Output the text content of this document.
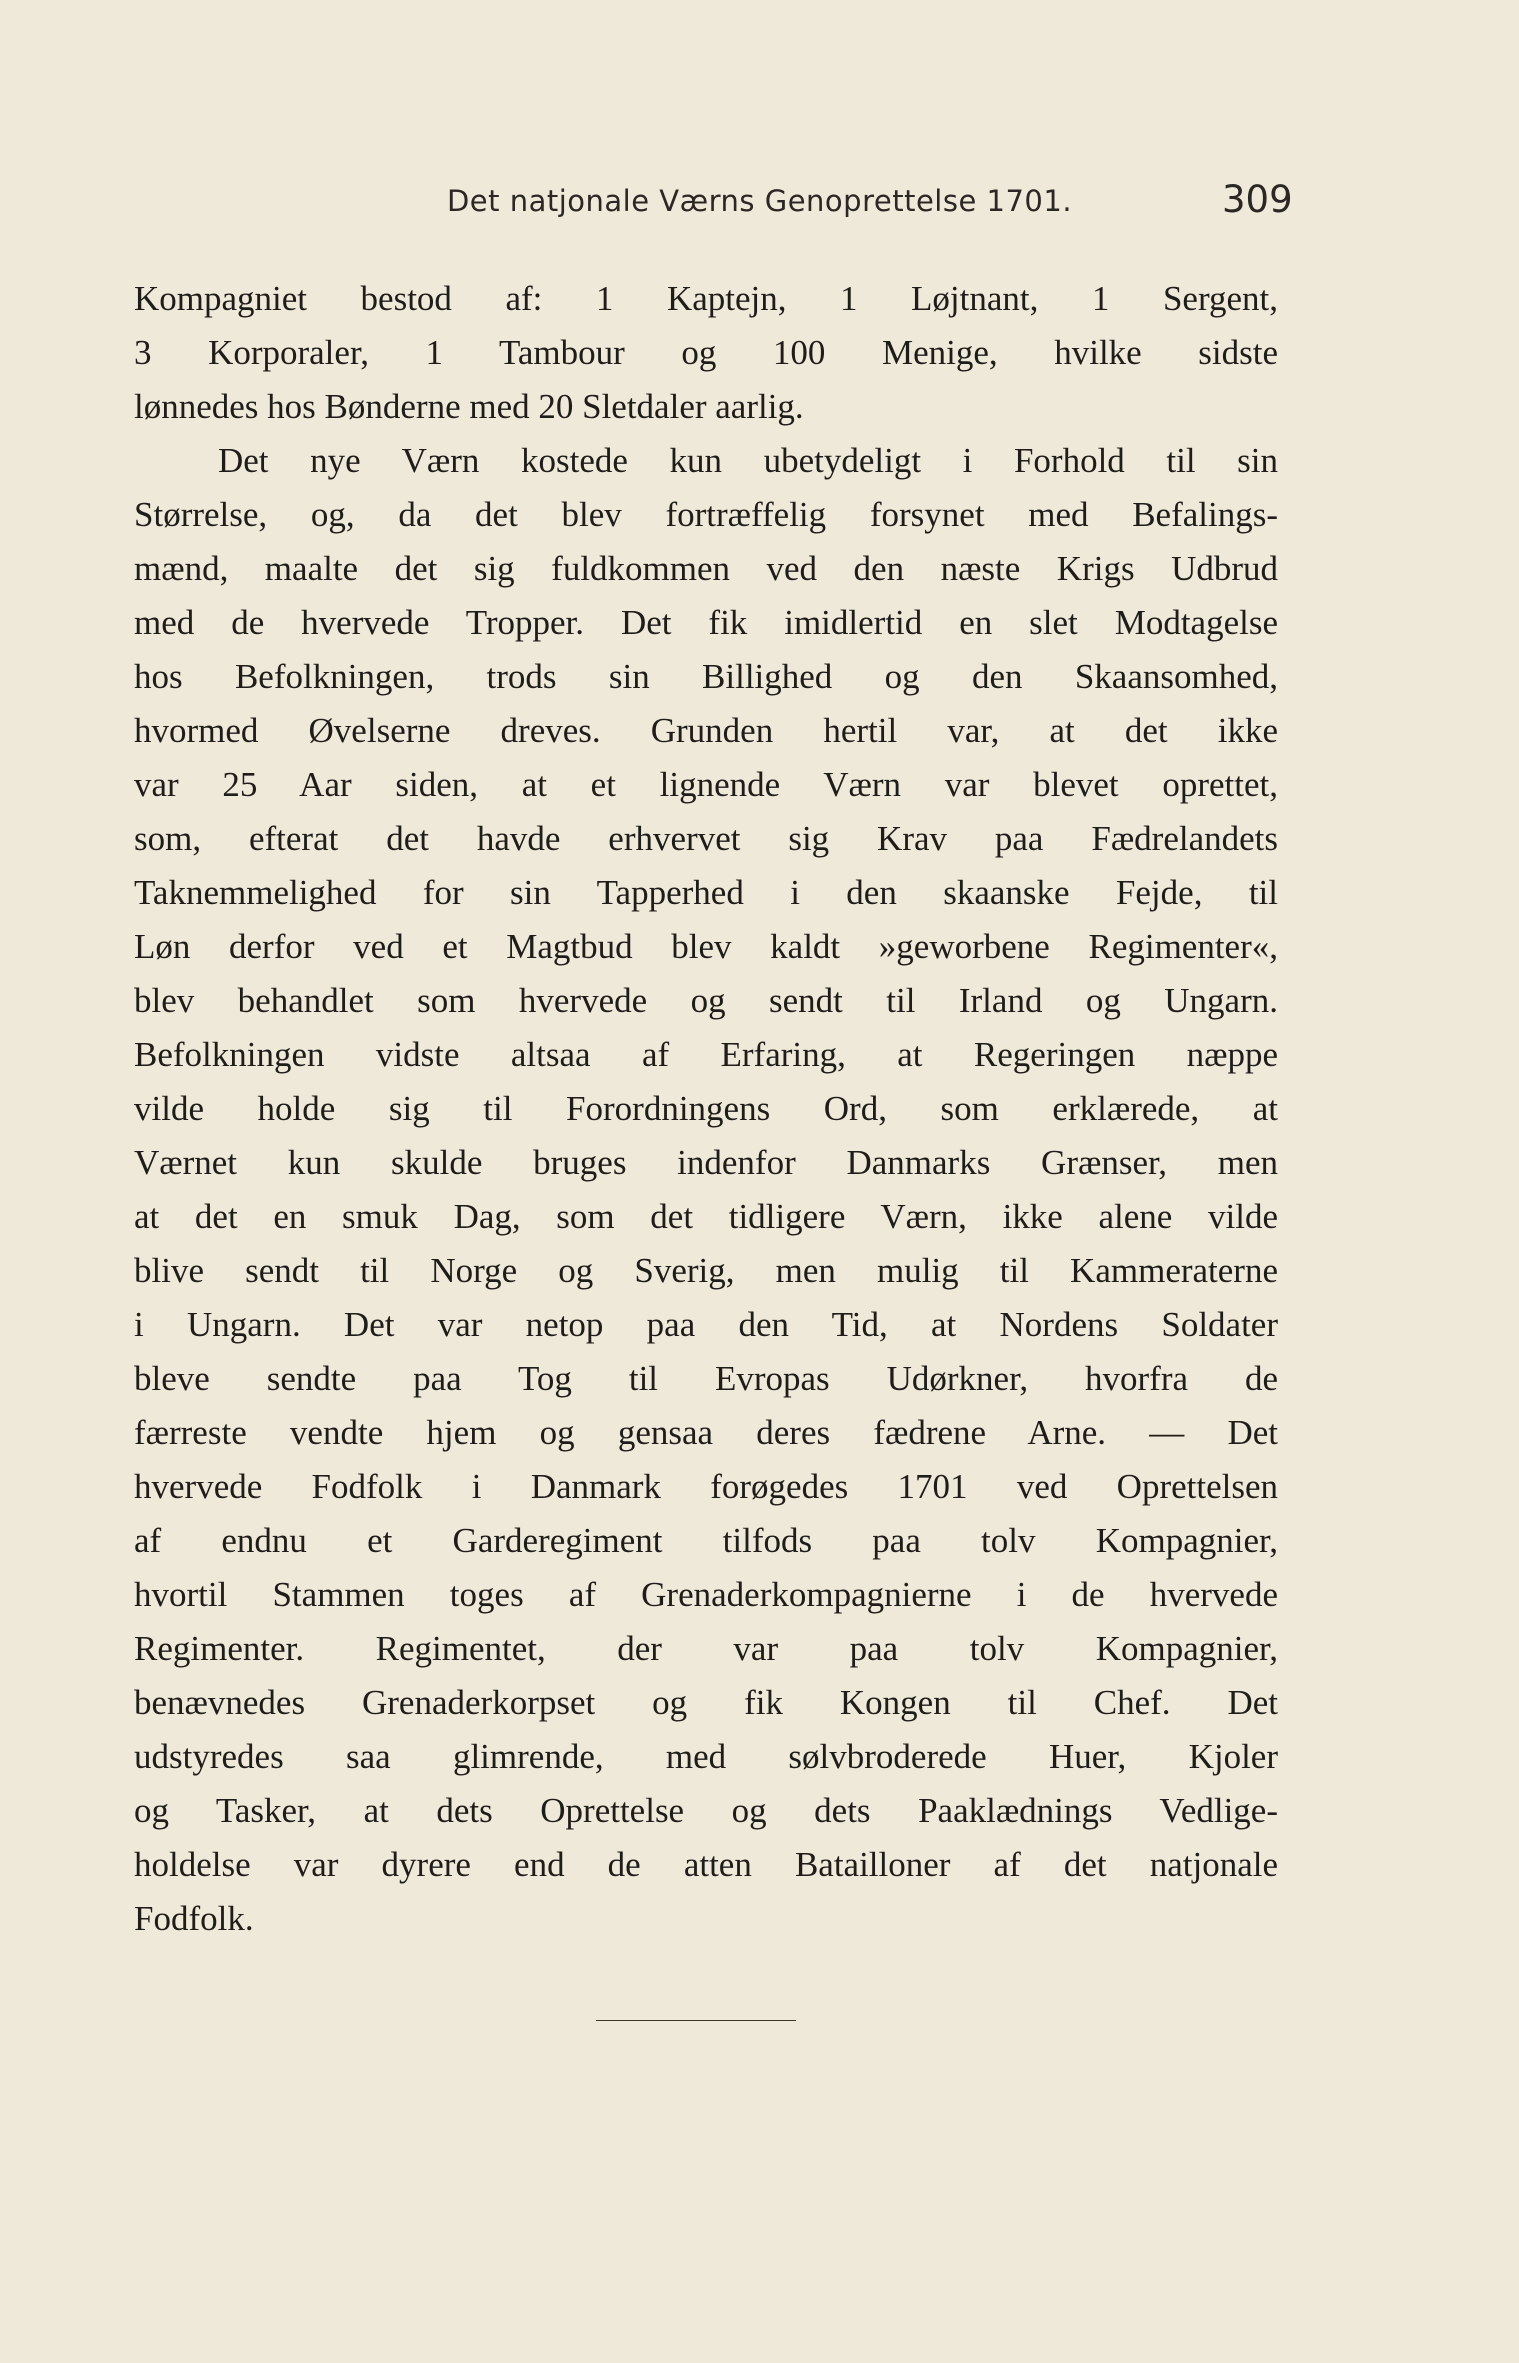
Det natjonale Værns Genoprettelse 1701.	309
Kompagniet bestod af: 1 Kaptejn, 1 Løjtnant, 1 Sergent,
3 Korporaler, 1 Tambour og 100 Menige, hvilke sidste
lønnedes hos Bønderne med 20 Sletdaler aarlig.
Det nye Værn kostede kun ubetydeligt i Forhold til sin
Størrelse, og, da det blev fortræffelig forsynet med Befalings-
mænd, maalte det sig fuldkommen ved den næste Krigs Udbrud
med de hvervede Tropper. Det fik imidlertid en slet Modtagelse
hos Befolkningen, trods sin Billighed og den Skaansomhed,
hvormed Øvelserne dreves. Grunden hertil var, at det ikke
var 25 Aar siden, at et lignende Værn var blevet oprettet,
som, efterat det havde erhvervet sig Krav paa Fædrelandets
Taknemmelighed for sin Tapperhed i den skaanske Fejde, til
Løn derfor ved et Magtbud blev kaldt »geworbene Regimenter«,
blev behandlet som hvervede og sendt til Irland og Ungarn.
Befolkningen vidste altsaa af Erfaring, at Regeringen næppe
vilde holde sig til Forordningens Ord, som erklærede, at
Værnet kun skulde bruges indenfor Danmarks Grænser, men
at det en smuk Dag, som det tidligere Værn, ikke alene vilde
blive sendt til Norge og Sverig, men mulig til Kammeraterne
i Ungarn. Det var netop paa den Tid, at Nordens Soldater
bleve sendte paa Tog til Evropas Udørkner, hvorfra de
færreste vendte hjem og gensaa deres fædrene Arne. — Det
hvervede Fodfolk i Danmark forøgedes 1701 ved Oprettelsen
af endnu et Garderegiment tilfods paa tolv Kompagnier,
hvortil Stammen toges af Grenaderkompagnierne i de hvervede
Regimenter. Regimentet, der var paa tolv Kompagnier,
benævnedes Grenaderkorpset og fik Kongen til Chef. Det
udstyredes saa glimrende, med sølvbroderede Huer, Kjoler
og Tasker, at dets Oprettelse og dets Paaklædnings Vedlige-
holdelse var dyrere end de atten Batailloner af det natjonale
Fodfolk.
